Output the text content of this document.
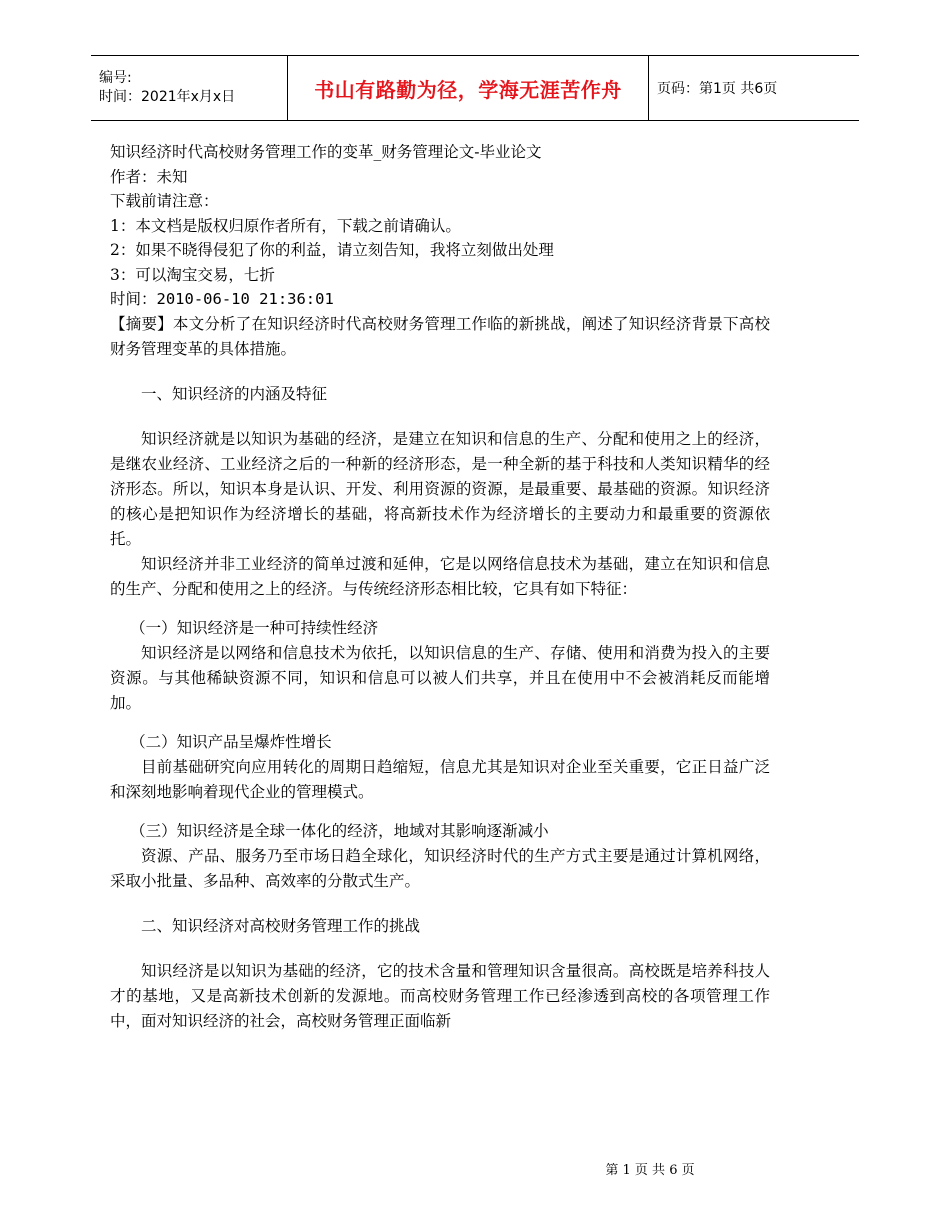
编号:
时间：2021年x月x日	书山有路勤为径，学海无涯苦作舟	页码：第1页 共6页
知识经济时代高校财务管理工作的变革_财务管理论文-毕业论文
作者：未知
下载前请注意：
1：本文档是版权归原作者所有，下载之前请确认。
2：如果不晓得侵犯了你的利益，请立刻告知，我将立刻做出处理
3：可以淘宝交易，七折
时间：2010-06-10 21:36:01
【摘要】本文分析了在知识经济时代高校财务管理工作临的新挑战，阐述了知识经济背景下高校财务管理变革的具体措施。
一、知识经济的内涵及特征
知识经济就是以知识为基础的经济，是建立在知识和信息的生产、分配和使用之上的经济，是继农业经济、工业经济之后的一种新的经济形态，是一种全新的基于科技和人类知识精华的经济形态。所以，知识本身是认识、开发、利用资源的资源，是最重要、最基础的资源。知识经济的核心是把知识作为经济增长的基础，将高新技术作为经济增长的主要动力和最重要的资源依托。
知识经济并非工业经济的简单过渡和延伸，它是以网络信息技术为基础，建立在知识和信息的生产、分配和使用之上的经济。与传统经济形态相比较，它具有如下特征：
（一）知识经济是一种可持续性经济
知识经济是以网络和信息技术为依托，以知识信息的生产、存储、使用和消费为投入的主要资源。与其他稀缺资源不同，知识和信息可以被人们共享，并且在使用中不会被消耗反而能增加。
（二）知识产品呈爆炸性增长
目前基础研究向应用转化的周期日趋缩短，信息尤其是知识对企业至关重要，它正日益广泛和深刻地影响着现代企业的管理模式。
（三）知识经济是全球一体化的经济，地域对其影响逐渐减小
资源、产品、服务乃至市场日趋全球化，知识经济时代的生产方式主要是通过计算机网络，采取小批量、多品种、高效率的分散式生产。
二、知识经济对高校财务管理工作的挑战
知识经济是以知识为基础的经济，它的技术含量和管理知识含量很高。高校既是培养科技人才的基地，又是高新技术创新的发源地。而高校财务管理工作已经渗透到高校的各项管理工作中，面对知识经济的社会，高校财务管理正面临新
第 1 页 共 6 页
